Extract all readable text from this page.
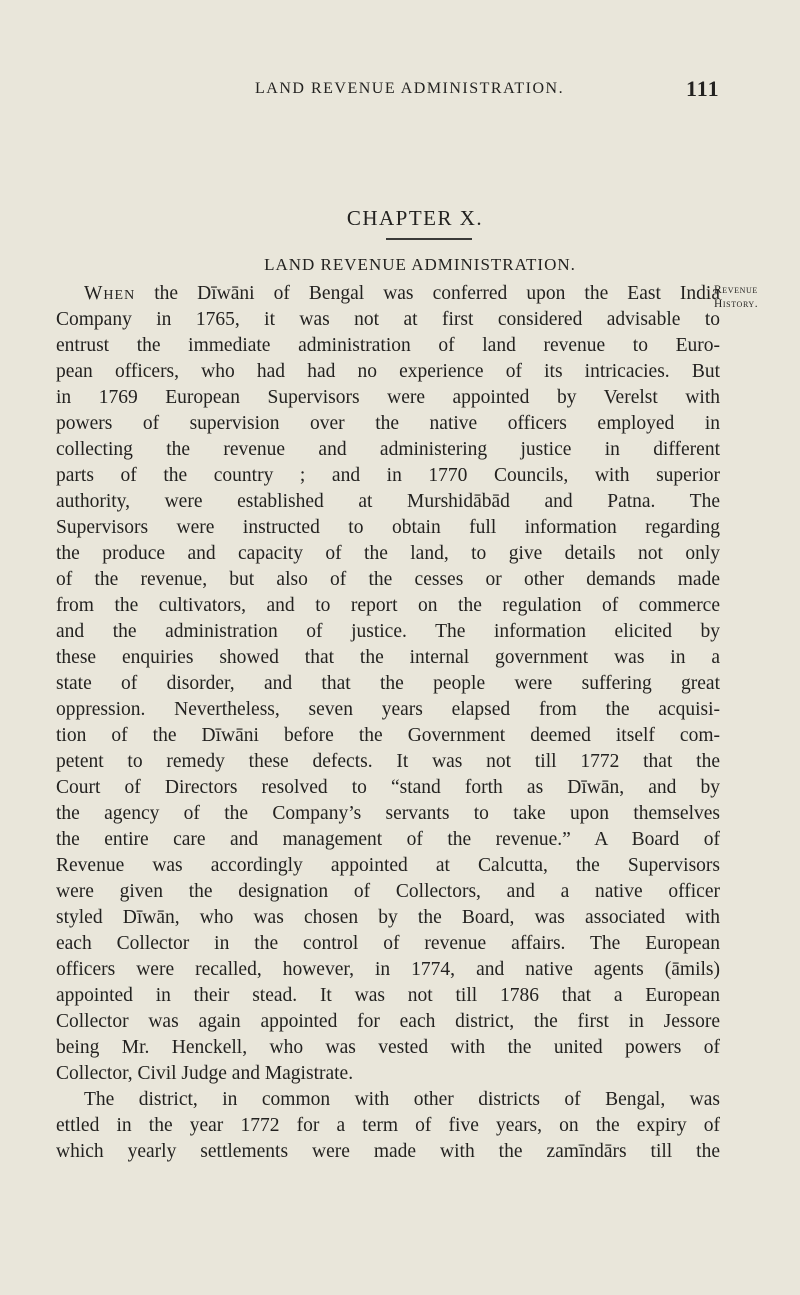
LAND REVENUE ADMINISTRATION.	111
CHAPTER X.
LAND REVENUE ADMINISTRATION.
Revenue
History.
When the Dīwāni of Bengal was conferred upon the East India
Company in 1765, it was not at first considered advisable to
entrust the immediate administration of land revenue to Euro-
pean officers, who had had no experience of its intricacies. But
in 1769 European Supervisors were appointed by Verelst with
powers of supervision over the native officers employed in
collecting the revenue and administering justice in different
parts of the country ; and in 1770 Councils, with superior
authority, were established at Murshidābād and Patna. The
Supervisors were instructed to obtain full information regarding
the produce and capacity of the land, to give details not only
of the revenue, but also of the cesses or other demands made
from the cultivators, and to report on the regulation of commerce
and the administration of justice. The information elicited by
these enquiries showed that the internal government was in a
state of disorder, and that the people were suffering great
oppression. Nevertheless, seven years elapsed from the acquisi-
tion of the Dīwāni before the Government deemed itself com-
petent to remedy these defects. It was not till 1772 that the
Court of Directors resolved to “stand forth as Dīwān, and by
the agency of the Company’s servants to take upon themselves
the entire care and management of the revenue.” A Board of
Revenue was accordingly appointed at Calcutta, the Supervisors
were given the designation of Collectors, and a native officer
styled Dīwān, who was chosen by the Board, was associated with
each Collector in the control of revenue affairs. The European
officers were recalled, however, in 1774, and native agents (āmils)
appointed in their stead. It was not till 1786 that a European
Collector was again appointed for each district, the first in Jessore
being Mr. Henckell, who was vested with the united powers of
Collector, Civil Judge and Magistrate.
The district, in common with other districts of Bengal, was
ettled in the year 1772 for a term of five years, on the expiry of
which yearly settlements were made with the zamīndārs till the
